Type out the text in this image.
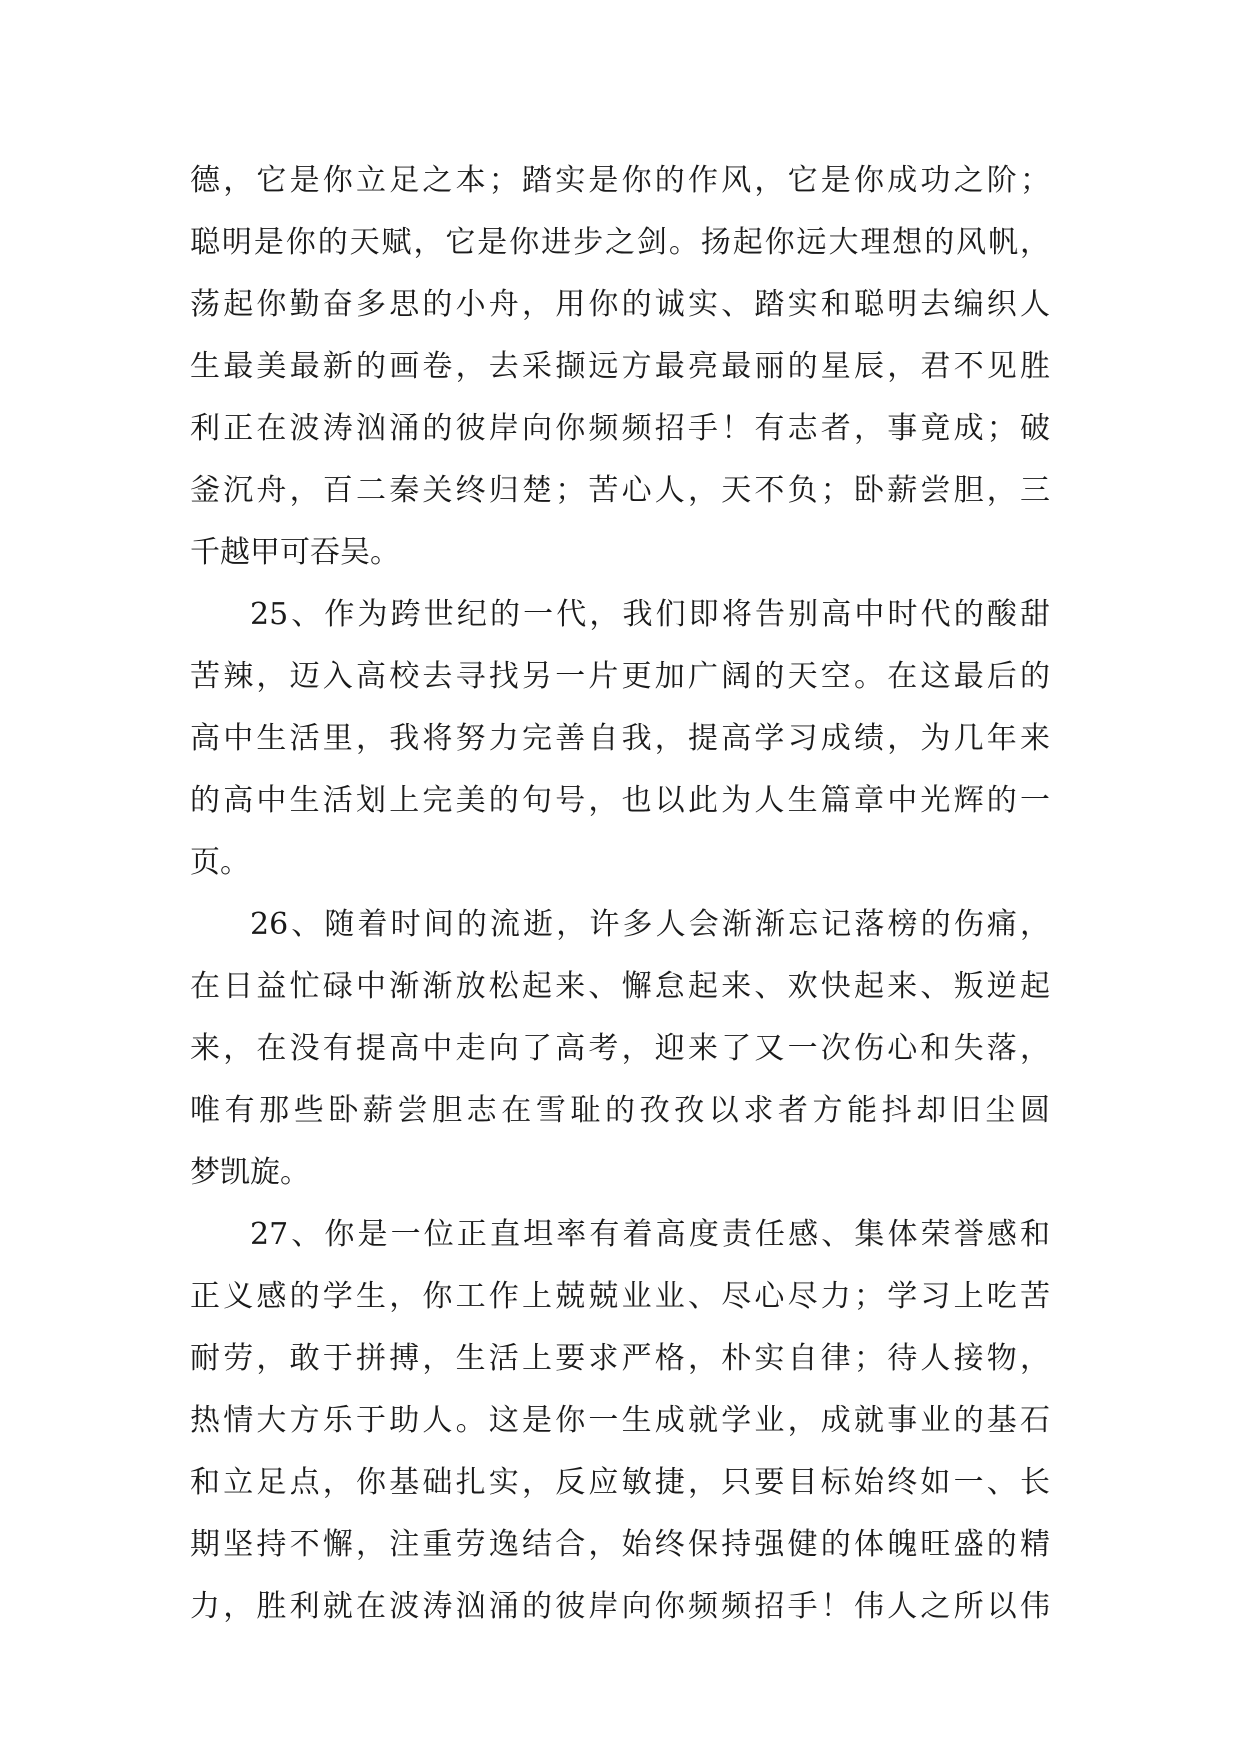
德，它是你立足之本；踏实是你的作风，它是你成功之阶；
聪明是你的天赋，它是你进步之剑。扬起你远大理想的风帆，
荡起你勤奋多思的小舟，用你的诚实、踏实和聪明去编织人
生最美最新的画卷，去采撷远方最亮最丽的星辰，君不见胜
利正在波涛汹涌的彼岸向你频频招手！有志者，事竟成；破
釜沉舟，百二秦关终归楚；苦心人，天不负；卧薪尝胆，三
千越甲可吞吴。
25、作为跨世纪的一代，我们即将告别高中时代的酸甜
苦辣，迈入高校去寻找另一片更加广阔的天空。在这最后的
高中生活里，我将努力完善自我，提高学习成绩，为几年来
的高中生活划上完美的句号，也以此为人生篇章中光辉的一
页。
26、随着时间的流逝，许多人会渐渐忘记落榜的伤痛，
在日益忙碌中渐渐放松起来、懈怠起来、欢快起来、叛逆起
来，在没有提高中走向了高考，迎来了又一次伤心和失落，
唯有那些卧薪尝胆志在雪耻的孜孜以求者方能抖却旧尘圆
梦凯旋。
27、你是一位正直坦率有着高度责任感、集体荣誉感和
正义感的学生，你工作上兢兢业业、尽心尽力；学习上吃苦
耐劳，敢于拼搏，生活上要求严格，朴实自律；待人接物，
热情大方乐于助人。这是你一生成就学业，成就事业的基石
和立足点，你基础扎实，反应敏捷，只要目标始终如一、长
期坚持不懈，注重劳逸结合，始终保持强健的体魄旺盛的精
力，胜利就在波涛汹涌的彼岸向你频频招手！伟人之所以伟
